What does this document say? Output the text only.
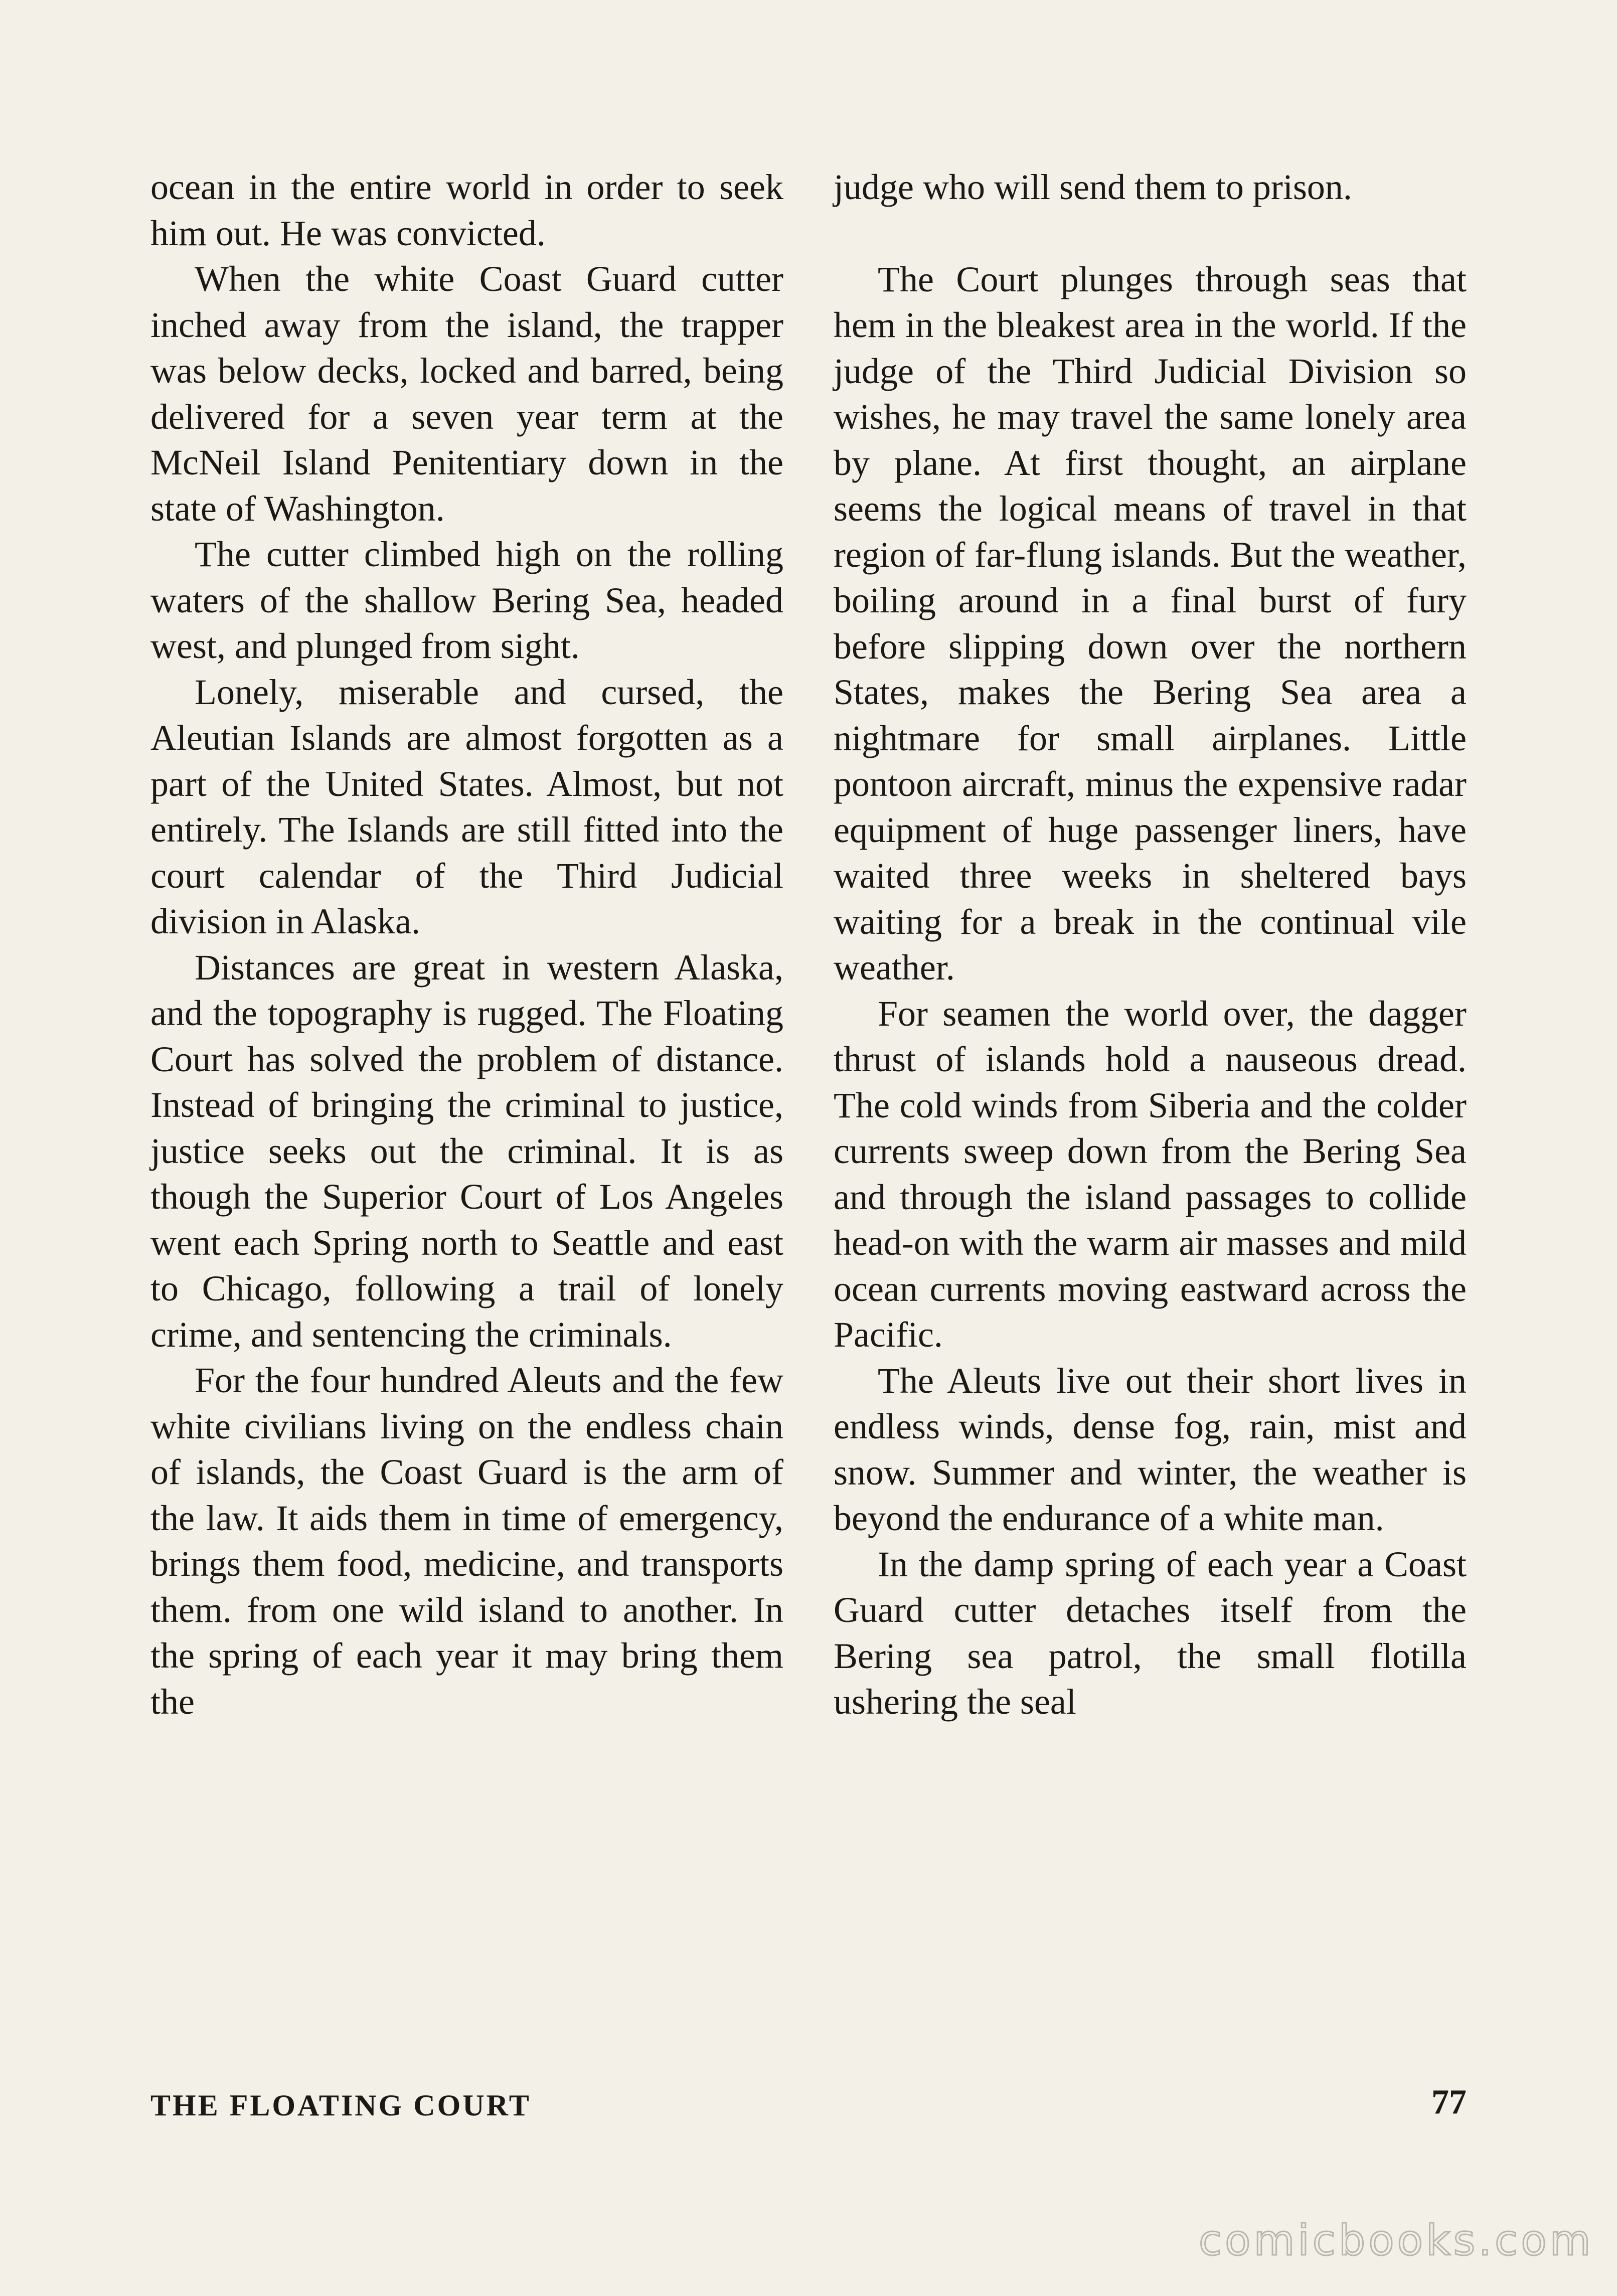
ocean in the entire world in order to seek him out. He was convicted.

When the white Coast Guard cutter inched away from the island, the trapper was below decks, locked and barred, being delivered for a seven year term at the McNeil Island Penitentiary down in the state of Washington.

The cutter climbed high on the rolling waters of the shallow Bering Sea, headed west, and plunged from sight.

Lonely, miserable and cursed, the Aleutian Islands are almost forgotten as a part of the United States. Almost, but not entirely. The Islands are still fitted into the court calendar of the Third Judicial division in Alaska.

Distances are great in western Alaska, and the topography is rugged. The Floating Court has solved the problem of distance. Instead of bringing the criminal to justice, justice seeks out the criminal. It is as though the Superior Court of Los Angeles went each Spring north to Seattle and east to Chicago, following a trail of lonely crime, and sentencing the criminals.

For the four hundred Aleuts and the few white civilians living on the endless chain of islands, the Coast Guard is the arm of the law. It aids them in time of emergency, brings them food, medicine, and transports them. from one wild island to another. In the spring of each year it may bring them the

judge who will send them to prison.

The Court plunges through seas that hem in the bleakest area in the world. If the judge of the Third Judicial Division so wishes, he may travel the same lonely area by plane. At first thought, an airplane seems the logical means of travel in that region of far-flung islands. But the weather, boiling around in a final burst of fury before slipping down over the northern States, makes the Bering Sea area a nightmare for small airplanes. Little pontoon aircraft, minus the expensive radar equipment of huge passenger liners, have waited three weeks in sheltered bays waiting for a break in the continual vile weather.

For seamen the world over, the dagger thrust of islands hold a nauseous dread. The cold winds from Siberia and the colder currents sweep down from the Bering Sea and through the island passages to collide head-on with the warm air masses and mild ocean currents moving eastward across the Pacific.

The Aleuts live out their short lives in endless winds, dense fog, rain, mist and snow. Summer and winter, the weather is beyond the endurance of a white man.

In the damp spring of each year a Coast Guard cutter detaches itself from the Bering sea patrol, the small flotilla ushering the seal

THE FLOATING COURT	77
comicbooks.com
